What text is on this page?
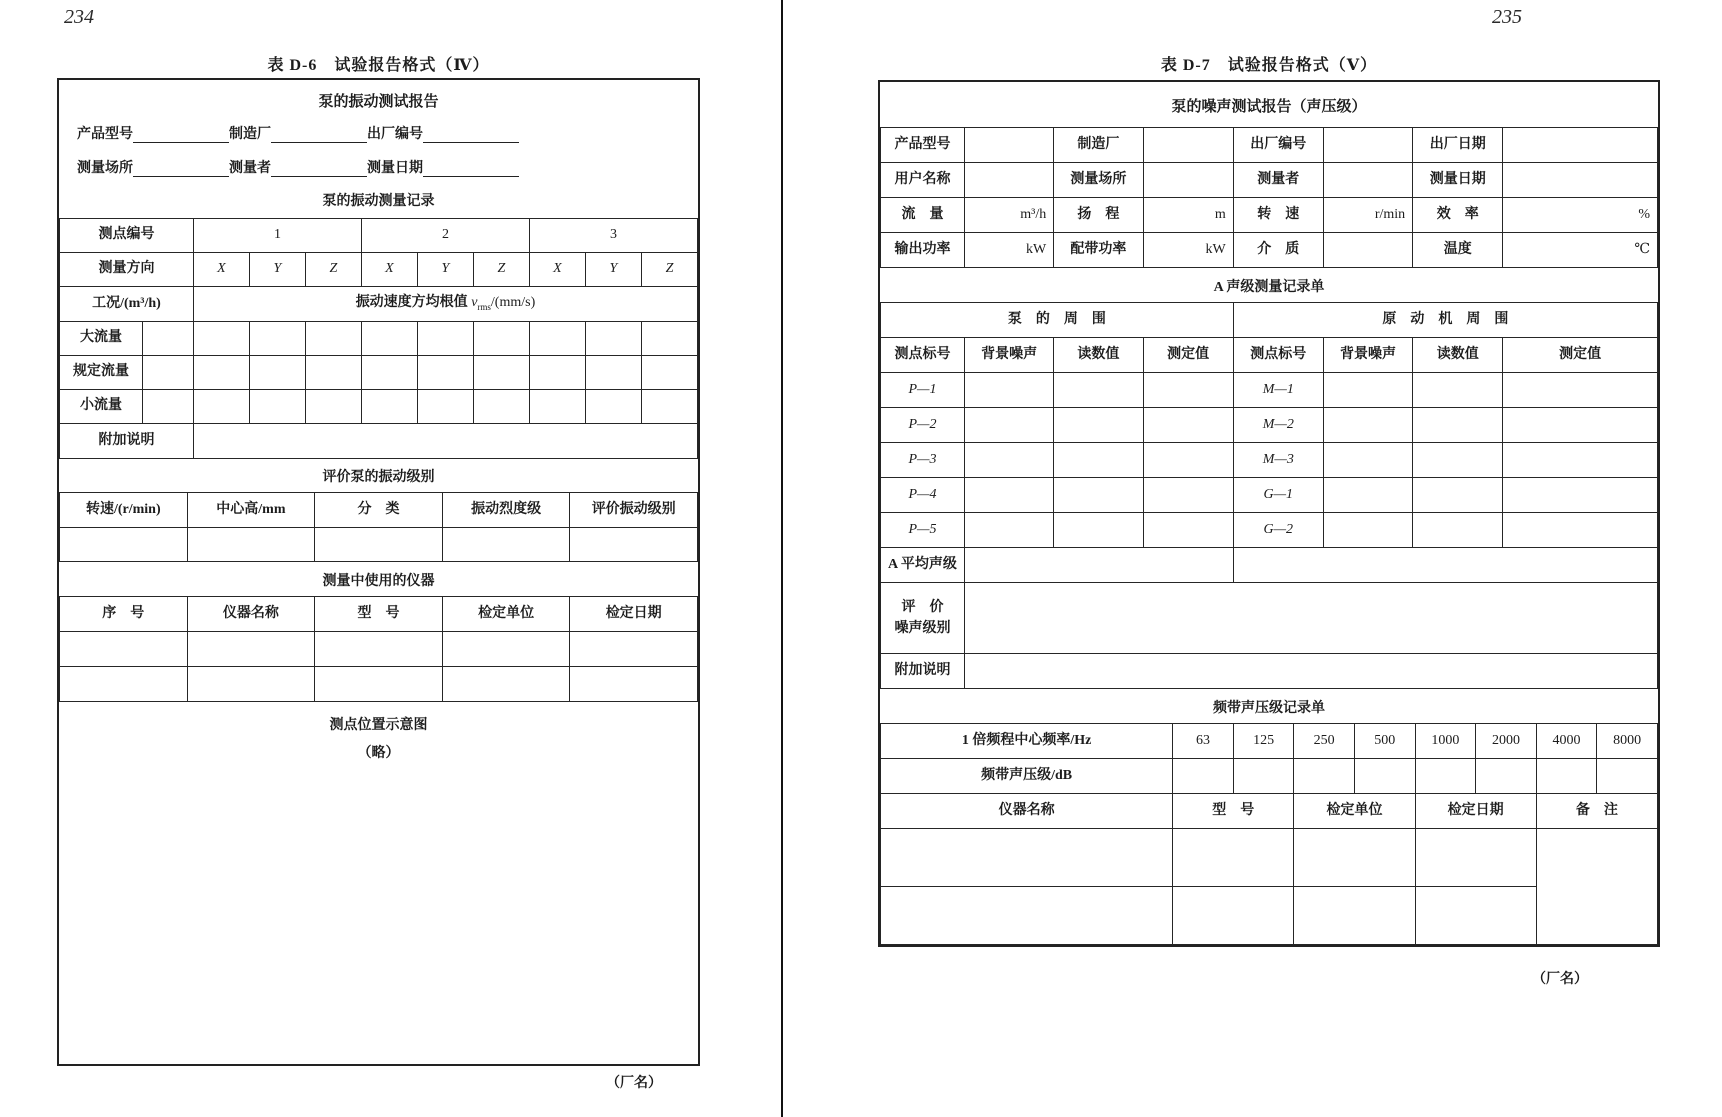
234	235
表 D-6　试验报告格式（Ⅳ）	表 D-7　试验报告格式（Ⅴ）
泵的振动测试报告
产品型号	制造厂	出厂编号
测量场所	测量者	测量日期
泵的振动测量记录
测点编号		1			2			3		
测量方向		X	Y	Z	X	Y	Z	X	Y	Z
工况/(m³/h)		振动速度方均根值 $v_{rms}/(mm/s)$								
大流量										
规定流量										
小流量										
附加说明										
评价泵的振动级别
转速/(r/min)	中心高/mm	分　类	振动烈度级	评价振动级别

测量中使用的仪器
序　号	仪器名称	型　号	检定单位	检定日期

测点位置示意图
（略）
（厂名）
泵的噪声测试报告（声压级）
产品型号		制造厂		出厂编号		出厂日期	
用户名称		测量场所		测量者		测量日期	
流　量	m³/h	扬　程	m	转　速	r/min	效　率	%
输出功率	kW	配带功率	kW	介　质		温度	℃
A 声级测量记录单
泵　的　周　围				原　动　机　周　围			
测点标号	背景噪声	读数值	测定值	测点标号	背景噪声	读数值	测定值
P—1				M—1			
P—2				M—2			
P—3				M—3			
P—4				G—1			
P—5				G—2			
A 平均声级							

评　价
噪声级别							

附加说明							
频带声压级记录单
1 倍频程中心频率/Hz	63	125	250	500	1000	2000	4000	8000
频带声压级/dB								
仪器名称	型　号	检定单位	检定日期	备　注

（厂名）
